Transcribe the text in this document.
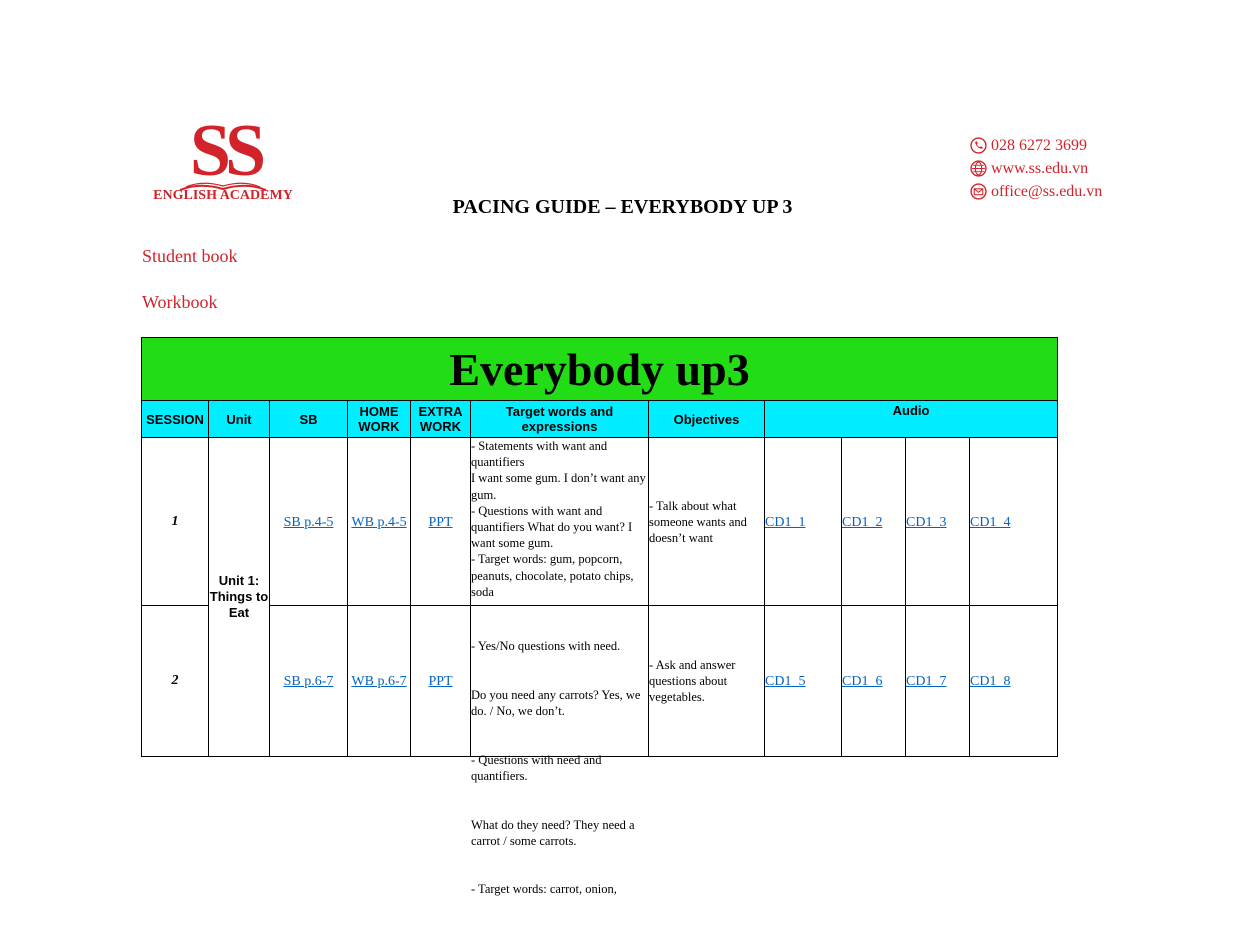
SS
ENGLISH ACADEMY
028 6272 3699
www.ss.edu.vn
office@ss.edu.vn
PACING GUIDE – EVERYBODY UP 3
Student book
Workbook
Everybody up3										
SESSION	Unit	SB	HOME WORK	EXTRA WORK	Target words and expressions	Objectives	Audio			
1	Unit 1: Things to Eat	SB p.4-5	WB p.4-5	PPT	- Statements with want and quantifiers
I want some gum. I don’t want any gum.
- Questions with want and quantifiers What do you want? I want some gum.
- Target words: gum, popcorn, peanuts, chocolate, potato chips, soda	- Talk about what someone wants and doesn’t want	CD1_1	CD1_2	CD1_3	CD1_4
2		SB p.6-7	WB p.6-7	PPT	- Yes/No questions with need.

Do you need any carrots? Yes, we do. / No, we don’t.

- Questions with need and quantifiers.

What do they need? They need a carrot / some carrots.

- Target words: carrot, onion,	- Ask and answer questions about vegetables.	CD1_5	CD1_6	CD1_7	CD1_8
